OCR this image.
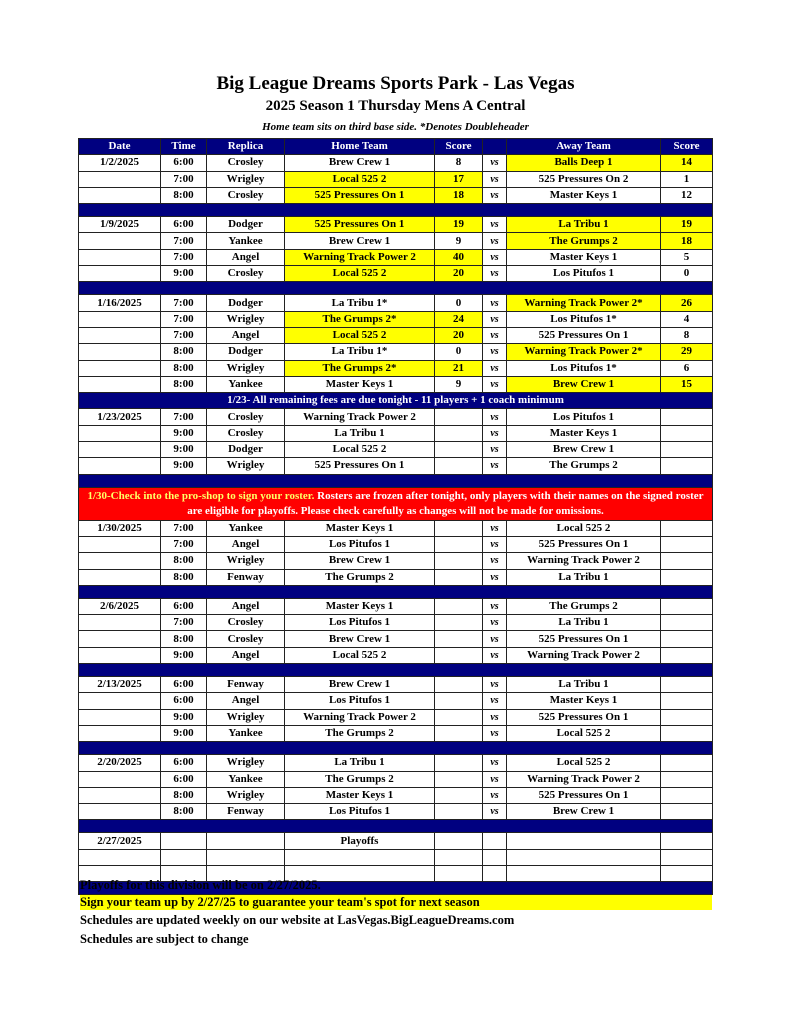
Big League Dreams Sports Park - Las Vegas
2025 Season 1 Thursday Mens A Central
Home team sits on third base side. *Denotes Doubleheader
Date	Time	Replica	Home Team	Score		Away Team	Score
1/2/2025	6:00	Crosley	Brew Crew 1	8	vs	Balls Deep 1	14
	7:00	Wrigley	Local 525 2	17	vs	525 Pressures On 2	1
	8:00	Crosley	525 Pressures On 1	18	vs	Master Keys 1	12

1/9/2025	6:00	Dodger	525 Pressures On 1	19	vs	La Tribu 1	19
	7:00	Yankee	Brew Crew 1	9	vs	The Grumps 2	18
	7:00	Angel	Warning Track Power 2	40	vs	Master Keys 1	5
	9:00	Crosley	Local 525 2	20	vs	Los Pitufos 1	0

1/16/2025	7:00	Dodger	La Tribu 1*	0	vs	Warning Track Power 2*	26
	7:00	Wrigley	The Grumps 2*	24	vs	Los Pitufos 1*	4
	7:00	Angel	Local 525 2	20	vs	525 Pressures On 1	8
	8:00	Dodger	La Tribu 1*	0	vs	Warning Track Power 2*	29
	8:00	Wrigley	The Grumps 2*	21	vs	Los Pitufos 1*	6
	8:00	Yankee	Master Keys 1	9	vs	Brew Crew 1	15
1/23- All remaining fees are due tonight - 11 players + 1 coach minimum							
1/23/2025	7:00	Crosley	Warning Track Power 2		vs	Los Pitufos 1	
	9:00	Crosley	La Tribu 1		vs	Master Keys 1	
	9:00	Dodger	Local 525 2		vs	Brew Crew 1	
	9:00	Wrigley	525 Pressures On 1		vs	The Grumps 2	

1/30-Check into the pro-shop to sign your roster. Rosters are frozen after tonight, only players with their names on the signed roster are eligible for playoffs. Please check carefully as changes will not be made for omissions.							
1/30/2025	7:00	Yankee	Master Keys 1		vs	Local 525 2	
	7:00	Angel	Los Pitufos 1		vs	525 Pressures On 1	
	8:00	Wrigley	Brew Crew 1		vs	Warning Track Power 2	
	8:00	Fenway	The Grumps 2		vs	La Tribu 1	

2/6/2025	6:00	Angel	Master Keys 1		vs	The Grumps 2	
	7:00	Crosley	Los Pitufos 1		vs	La Tribu 1	
	8:00	Crosley	Brew Crew 1		vs	525 Pressures On 1	
	9:00	Angel	Local 525 2		vs	Warning Track Power 2	

2/13/2025	6:00	Fenway	Brew Crew 1		vs	La Tribu 1	
	6:00	Angel	Los Pitufos 1		vs	Master Keys 1	
	9:00	Wrigley	Warning Track Power 2		vs	525 Pressures On 1	
	9:00	Yankee	The Grumps 2		vs	Local 525 2	

2/20/2025	6:00	Wrigley	La Tribu 1		vs	Local 525 2	
	6:00	Yankee	The Grumps 2		vs	Warning Track Power 2	
	8:00	Wrigley	Master Keys 1		vs	525 Pressures On 1	
	8:00	Fenway	Los Pitufos 1		vs	Brew Crew 1	

2/27/2025			Playoffs				

Playoffs for this division will be on 2/27/2025.
Sign your team up by 2/27/25 to guarantee your team's spot for next season
Schedules are updated weekly on our website at LasVegas.BigLeagueDreams.com
Schedules are subject to change
